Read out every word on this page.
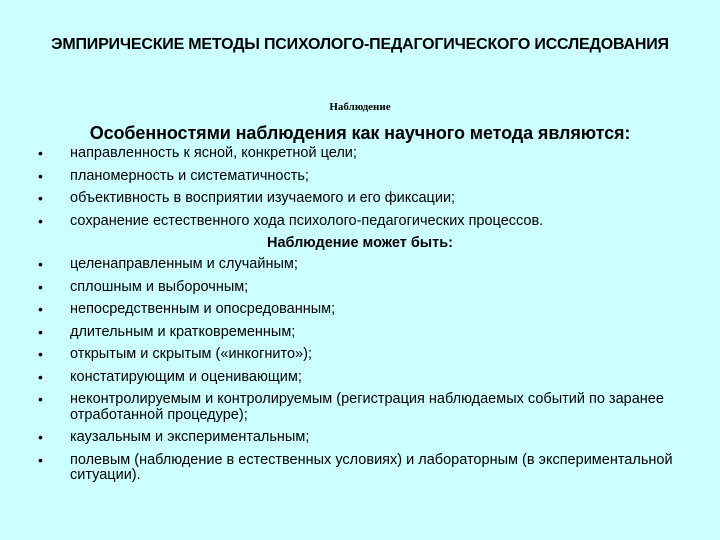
ЭМПИРИЧЕСКИЕ МЕТОДЫ ПСИХОЛОГО-ПЕДАГОГИЧЕСКОГО ИССЛЕДОВАНИЯ
Наблюдение
Особенностями наблюдения как научного метода являются:
• направленность к ясной, конкретной цели;
• планомерность и систематичность;
• объективность в восприятии изучаемого и его фиксации;
• сохранение естественного хода психолого-педагогических процессов.
Наблюдение может быть:
• целенаправленным и случайным;
• сплошным и выборочным;
• непосредственным и опосредованным;
• длительным и кратковременным;
• открытым и скрытым («инкогнито»);
• констатирующим и оценивающим;
• неконтролируемым и контролируемым (регистрация наблюдаемых событий по заранее отработанной процедуре);
• каузальным и экспериментальным;
• полевым (наблюдение в естественных условиях) и лабораторным (в экспериментальной ситуации).
